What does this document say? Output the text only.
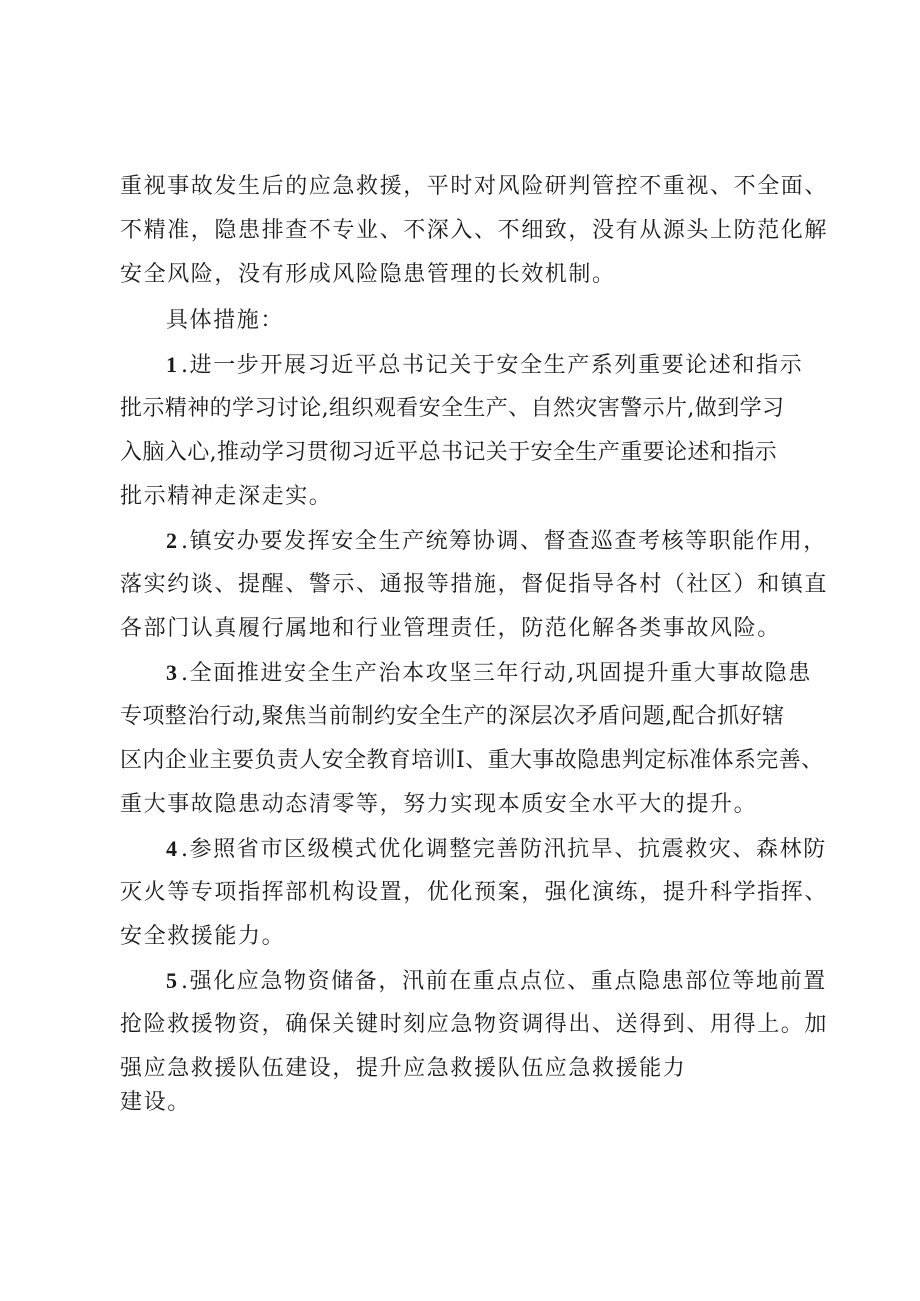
重视事故发生后的应急救援，平时对风险研判管控不重视、不全面、
不精准，隐患排查不专业、不深入、不细致，没有从源头上防范化解
安全风险，没有形成风险隐患管理的长效机制。
具体措施：
1.进一步开展习近平总书记关于安全生产系列重要论述和指示
批示精神的学习讨论,组织观看安全生产、自然灾害警示片,做到学习
入脑入心,推动学习贯彻习近平总书记关于安全生产重要论述和指示
批示精神走深走实。
2.镇安办要发挥安全生产统筹协调、督查巡查考核等职能作用，
落实约谈、提醒、警示、通报等措施，督促指导各村（社区）和镇直
各部门认真履行属地和行业管理责任，防范化解各类事故风险。
3.全面推进安全生产治本攻坚三年行动,巩固提升重大事故隐患
专项整治行动,聚焦当前制约安全生产的深层次矛盾问题,配合抓好辖
区内企业主要负责人安全教育培训I、重大事故隐患判定标准体系完善、
重大事故隐患动态清零等，努力实现本质安全水平大的提升。
4.参照省市区级模式优化调整完善防汛抗旱、抗震救灾、森林防
灭火等专项指挥部机构设置，优化预案，强化演练，提升科学指挥、
安全救援能力。
5.强化应急物资储备，汛前在重点点位、重点隐患部位等地前置
抢险救援物资，确保关键时刻应急物资调得出、送得到、用得上。加
强应急救援队伍建设，提升应急救援队伍应急救援能力
建设。
